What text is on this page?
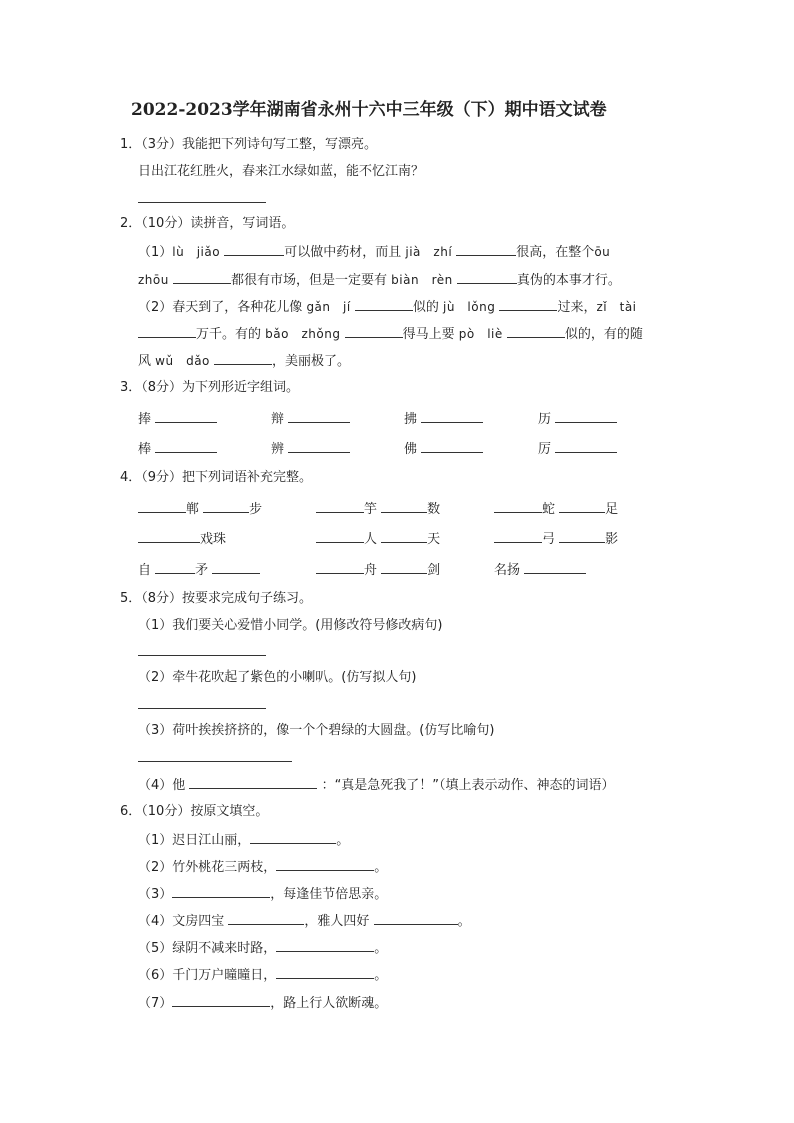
2022-2023学年湖南省永州十六中三年级（下）期中语文试卷
1．（3分）我能把下列诗句写工整，写漂亮。
日出江花红胜火，春来江水绿如蓝，能不忆江南？
2．（10分）读拼音，写词语。
（1）lù　jiǎo	可以做中药材，而且 jià　zhí	很高，在整个ōu
zhōu	都很有市场，但是一定要有 biàn　rèn	真伪的本事才行。
（2）春天到了，各种花儿像 gǎn　jí	似的 jù　lǒng	过来，zǐ　tài
万千。有的 bǎo　zhǒng	得马上要 pò　liè	似的，有的随
风 wǔ　dǎo	，美丽极了。
3．（8分）为下列形近字组词。
捧	辩	拂	历
棒	辨	佛	厉
4．（9分）把下列词语补充完整。
郸	步	竽	数	蛇	足
戏珠	人	天	弓	影
自	矛	舟	剑	名扬
5．（8分）按要求完成句子练习。
（1）我们要关心爱惜小同学。(用修改符号修改病句)
（2）牵牛花吹起了紫色的小喇叭。(仿写拟人句)
（3）荷叶挨挨挤挤的，像一个个碧绿的大圆盘。(仿写比喻句)
（4）他	：“真是急死我了！”（填上表示动作、神态的词语）
6．（10分）按原文填空。
（1）迟日江山丽，	。
（2）竹外桃花三两枝，	。
（3）	，每逢佳节倍思亲。
（4）文房四宝	，雅人四好	。
（5）绿阴不减来时路，	。
（6）千门万户曈曈日，	。
（7）	，路上行人欲断魂。
